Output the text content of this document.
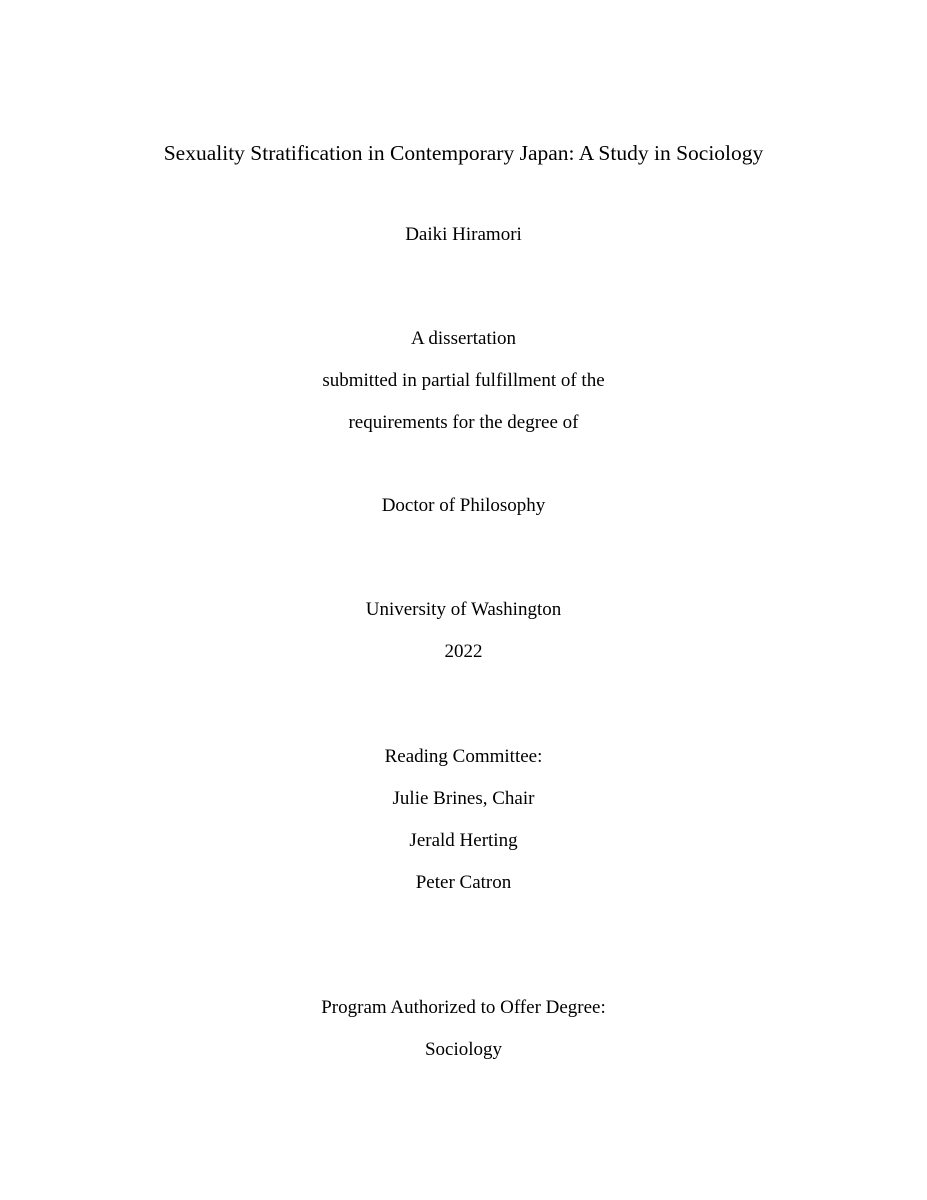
Sexuality Stratification in Contemporary Japan: A Study in Sociology
Daiki Hiramori
A dissertation
submitted in partial fulfillment of the
requirements for the degree of
Doctor of Philosophy
University of Washington
2022
Reading Committee:
Julie Brines, Chair
Jerald Herting
Peter Catron
Program Authorized to Offer Degree:
Sociology
